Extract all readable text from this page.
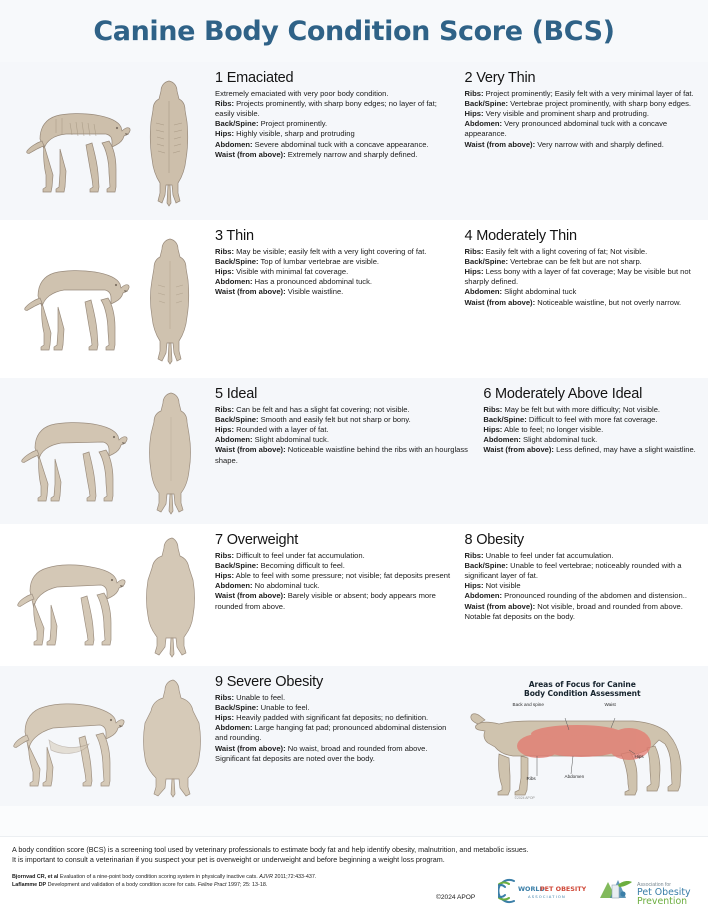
Canine Body Condition Score (BCS)
1 Emaciated

Extremely emaciated with very poor body condition.

Ribs: Projects prominently, with sharp bony edges; no layer of fat; easily visible.

Back/Spine: Project prominently.

Hips: Highly visible, sharp and protruding

Abdomen: Severe abdominal tuck with a concave appearance.

Waist (from above): Extremely narrow and sharply defined.

2 Very Thin

Ribs: Project prominently; Easily felt with a very minimal layer of fat.

Back/Spine: Vertebrae project prominently, with sharp bony edges.

Hips: Very visible and prominent sharp and protruding.

Abdomen: Very pronounced abdominal tuck with a concave appearance.

Waist (from above): Very narrow with and sharply defined.

3 Thin

Ribs: May be visible; easily felt with a very light covering of fat.

Back/Spine: Top of lumbar vertebrae are visible.

Hips: Visible with minimal fat coverage.

Abdomen: Has a pronounced abdominal tuck.

Waist (from above): Visible waistline.

4 Moderately Thin

Ribs: Easily felt with a light covering of fat; Not visible.

Back/Spine: Vertebrae can be felt but are not sharp.

Hips: Less bony with a layer of fat coverage; May be visible but not sharply defined.

Abdomen: Slight abdominal tuck

Waist (from above): Noticeable waistline, but not overly narrow.

5 Ideal

Ribs: Can be felt and has a slight fat covering; not visible.

Back/Spine: Smooth and easily felt but not sharp or bony.

Hips: Rounded with a layer of fat.

Abdomen: Slight abdominal tuck.

Waist (from above): Noticeable waistline behind the ribs with an hourglass shape.

6 Moderately Above Ideal

Ribs: May be felt but with more difficulty; Not visible.

Back/Spine: Difficult to feel with more fat coverage.

Hips: Able to feel; no longer visible.

Abdomen: Slight abdominal tuck.

Waist (from above): Less defined, may have a slight waistline.

7 Overweight

Ribs: Difficult to feel under fat accumulation.

Back/Spine: Becoming difficult to feel.

Hips: Able to feel with some pressure; not visible; fat deposits present

Abdomen: No abdominal tuck.

Waist (from above): Barely visible or absent; body appears more rounded from above.

8 Obesity

Ribs: Unable to feel under fat accumulation.

Back/Spine: Unable to feel vertebrae; noticeably rounded with a significant layer of fat.

Hips: Not visible

Abdomen: Pronounced rounding of the abdomen and distension..

Waist (from above): Not visible, broad and rounded from above.

Notable fat deposits on the body.

9 Severe Obesity

Ribs: Unable to feel.

Back/Spine: Unable to feel.

Hips: Heavily padded with significant fat deposits; no definition.

Abdomen: Large hanging fat pad; pronounced abdominal distension and rounding.

Waist (from above): No waist, broad and rounded from above.

Significant fat deposits are noted over the body.

Areas of Focus for Canine
Body Condition Assessment
Back and spine	Waist
Hips
Abdomen
Ribs
©2024 APOP
A body condition score (BCS) is a screening tool used by veterinary professionals to estimate body fat and help identify obesity, malnutrition, and metabolic issues.
It is important to consult a veterinarian if you suspect your pet is overweight or underweight and before beginning a weight loss program.
Bjornvad CR, et al Evaluation of a nine-point body condition scoring system in physically inactive cats. AJVR 2011;72:433-437.
Laflamme DP Development and validation of a body condition score for cats. Feline Pract 1997; 25: 13-18.
©2024 APOP
WORLD
PET OBESITY
ASSOCIATION
Association for
Pet Obesity
Prevention
